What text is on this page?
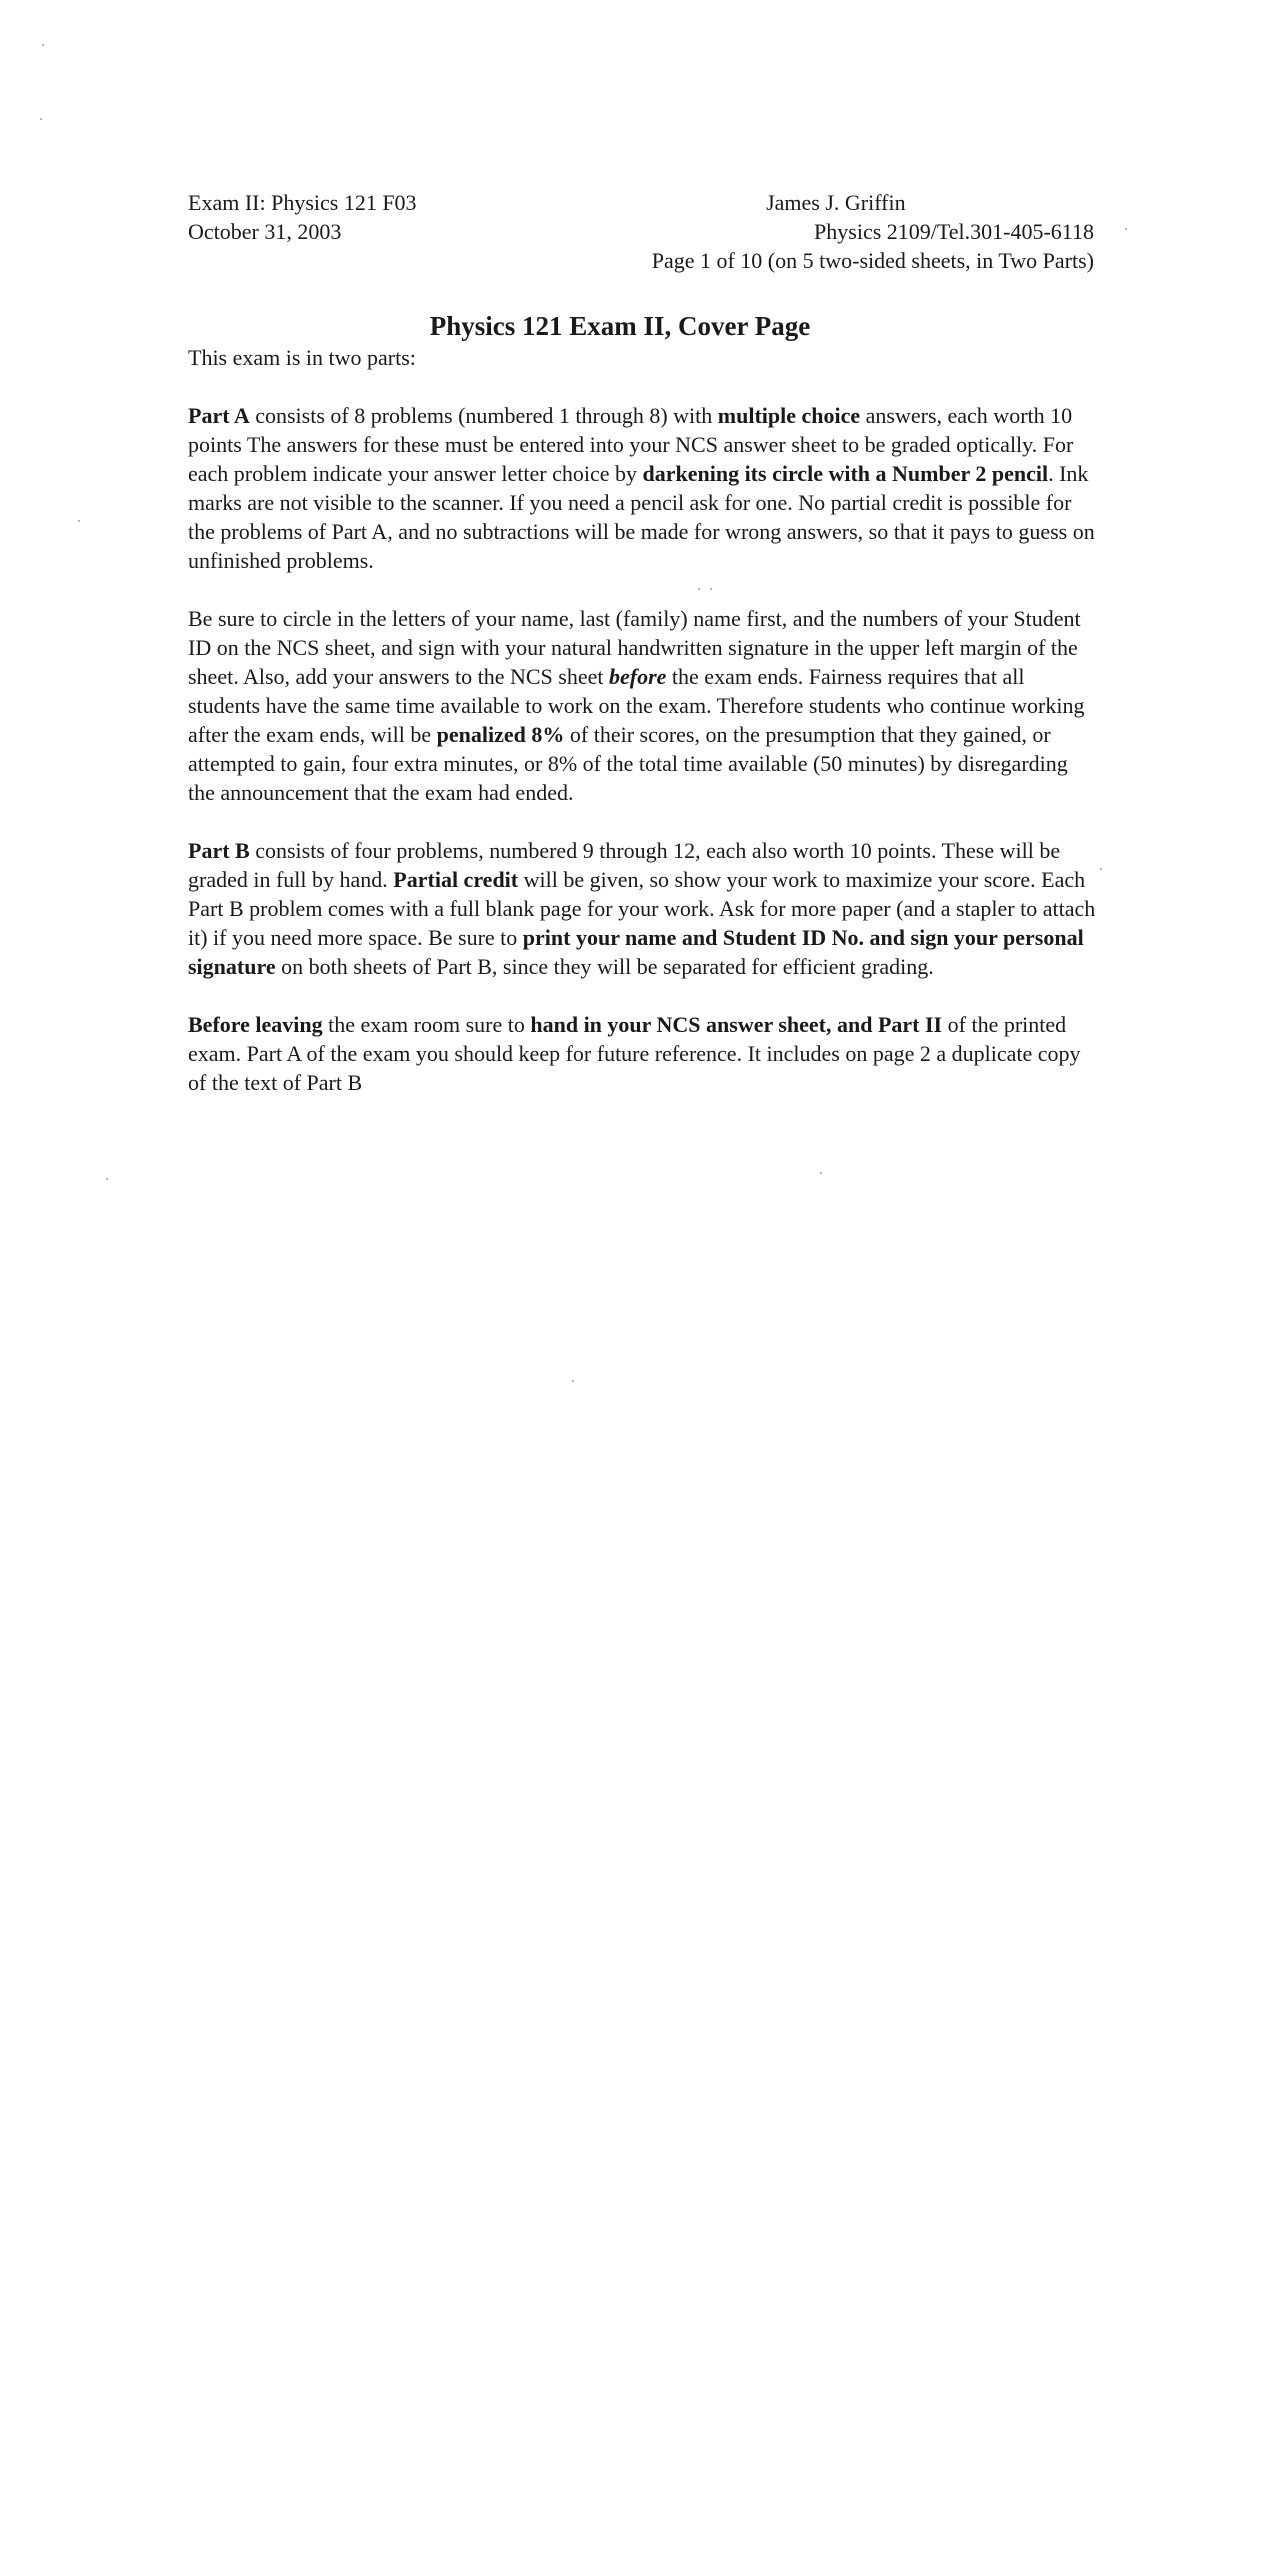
Exam II: Physics 121 F03
October 31, 2003
James J. Griffin
Physics 2109/Tel.301-405-6118
Page 1 of 10 (on 5 two-sided sheets, in Two Parts)
Physics 121 Exam II, Cover Page

This exam is in two parts:

Part A consists of 8 problems (numbered 1 through 8) with multiple choice answers, each worth 10 points The answers for these must be entered into your NCS answer sheet to be graded optically. For each problem indicate your answer letter choice by darkening its circle with a Number 2 pencil. Ink marks are not visible to the scanner. If you need a pencil ask for one. No partial credit is possible for the problems of Part A, and no subtractions will be made for wrong answers, so that it pays to guess on unfinished problems.

Be sure to circle in the letters of your name, last (family) name first, and the numbers of your Student ID on the NCS sheet, and sign with your natural handwritten signature in the upper left margin of the sheet. Also, add your answers to the NCS sheet before the exam ends. Fairness requires that all students have the same time available to work on the exam. Therefore students who continue working after the exam ends, will be penalized 8% of their scores, on the presumption that they gained, or attempted to gain, four extra minutes, or 8% of the total time available (50 minutes) by disregarding the announcement that the exam had ended.

Part B consists of four problems, numbered 9 through 12, each also worth 10 points. These will be graded in full by hand. Partial credit will be given, so show your work to maximize your score. Each Part B problem comes with a full blank page for your work. Ask for more paper (and a stapler to attach it) if you need more space. Be sure to print your name and Student ID No. and sign your personal signature on both sheets of Part B, since they will be separated for efficient grading.

Before leaving the exam room sure to hand in your NCS answer sheet, and Part II of the printed exam. Part A of the exam you should keep for future reference. It includes on page 2 a duplicate copy of the text of Part B
